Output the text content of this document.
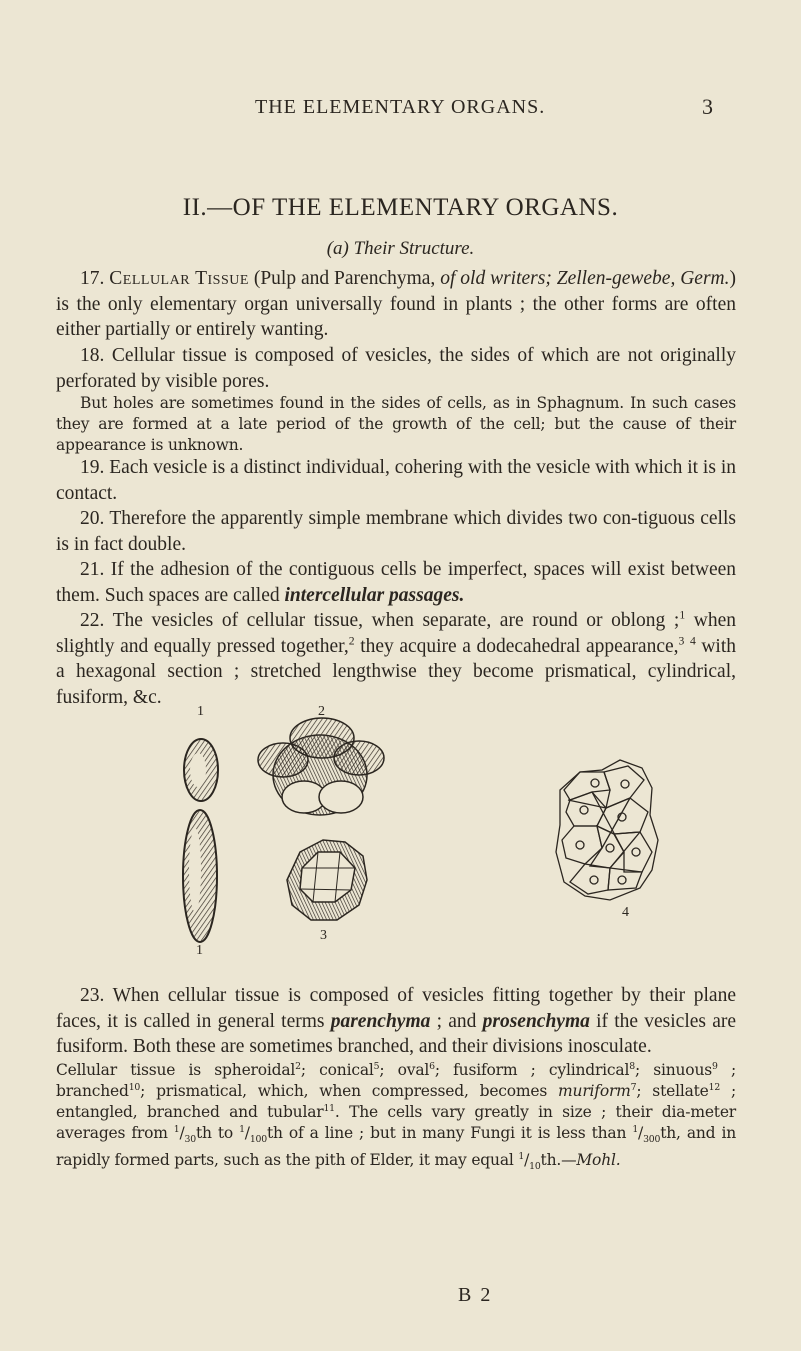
THE ELEMENTARY ORGANS.	3
II.—OF THE ELEMENTARY ORGANS.
(a) Their Structure.
17. Cellular Tissue (Pulp and Parenchyma, of old writers; Zellen-gewebe, Germ.) is the only elementary organ universally found in plants ; the other forms are often either partially or entirely wanting.
18. Cellular tissue is composed of vesicles, the sides of which are not originally perforated by visible pores.
But holes are sometimes found in the sides of cells, as in Sphagnum. In such cases they are formed at a late period of the growth of the cell; but the cause of their appearance is unknown.
19. Each vesicle is a distinct individual, cohering with the vesicle with which it is in contact.
20. Therefore the apparently simple membrane which divides two con-tiguous cells is in fact double.
21. If the adhesion of the contiguous cells be imperfect, spaces will exist between them. Such spaces are called intercellular passages.
22. The vesicles of cellular tissue, when separate, are round or oblong ;$^1$ when slightly and equally pressed together,$^2$ they acquire a dodecahedral appearance,$^3$ $^4$ with a hexagonal section ; stretched lengthwise they become prismatical, cylindrical, fusiform, &c.
1	2
1
3
4
23. When cellular tissue is composed of vesicles fitting together by their plane faces, it is called in general terms parenchyma ; and prosenchyma if the vesicles are fusiform. Both these are sometimes branched, and their divisions inosculate.
Cellular tissue is spheroidal$^2$; conical$^5$; oval$^6$; fusiform ; cylindrical$^8$; sinuous$^9$ ; branched$^{10}$; prismatical, which, when compressed, becomes muriform$^7$; stellate$^{12}$ ; entangled, branched and tubular$^{11}$. The cells vary greatly in size ; their dia-meter averages from $^1/_{30}th$ to $^1/_{100}th$ of a line ; but in many Fungi it is less than $^1/_{300}th$, and in rapidly formed parts, such as the pith of Elder, it may equal $^1/_{10}th.—Mohl$.
B 2
